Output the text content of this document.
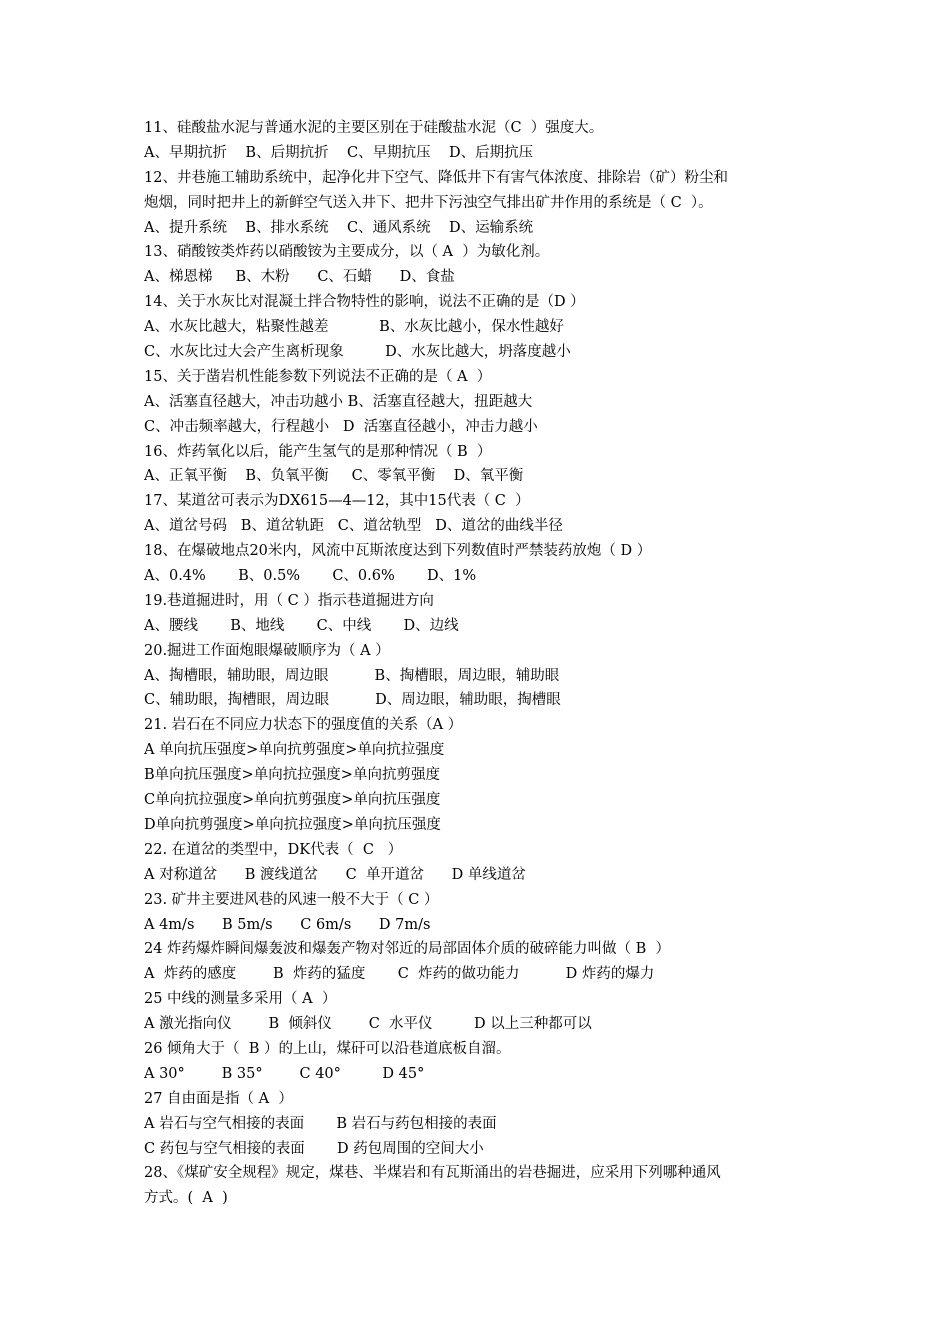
11、硅酸盐水泥与普通水泥的主要区别在于硅酸盐水泥（C  ）强度大。
A、早期抗折    B、后期抗折    C、早期抗压    D、后期抗压
12、井巷施工辅助系统中，起净化井下空气、降低井下有害气体浓度、排除岩（矿）粉尘和
炮烟，同时把井上的新鲜空气送入井下、把井下污浊空气排出矿井作用的系统是（ C  ）。
A、提升系统    B、排水系统    C、通风系统    D、运输系统
13、硝酸铵类炸药以硝酸铵为主要成分，以（ A  ）为敏化剂。
A、梯恩梯     B、木粉      C、石蜡      D、食盐
14、关于水灰比对混凝土拌合物特性的影响，说法不正确的是（D ）
A、水灰比越大，粘聚性越差           B、水灰比越小，保水性越好
C、水灰比过大会产生离析现象         D、水灰比越大，坍落度越小
15、关于凿岩机性能参数下列说法不正确的是（ A  ）
A、活塞直径越大，冲击功越小 B、活塞直径越大，扭距越大
C、冲击频率越大，行程越小   D  活塞直径越小，冲击力越小
16、炸药氧化以后，能产生氢气的是那种情况（ B  ）
A、正氧平衡    B、负氧平衡     C、零氧平衡    D、氧平衡
17、某道岔可表示为DX615—4—12，其中15代表（ C  ）
A、道岔号码   B、道岔轨距   C、道岔轨型   D、道岔的曲线半径
18、在爆破地点20米内，风流中瓦斯浓度达到下列数值时严禁装药放炮（ D ）
A、0.4%       B、0.5%       C、0.6%       D、1%
19.巷道掘进时，用（ C ）指示巷道掘进方向
A、腰线       B、地线       C、中线       D、边线
20.掘进工作面炮眼爆破顺序为（ A ）
A、掏槽眼，辅助眼，周边眼          B、掏槽眼，周边眼，辅助眼
C、辅助眼，掏槽眼，周边眼          D、周边眼，辅助眼，掏槽眼
21. 岩石在不同应力状态下的强度值的关系（A ）
A 单向抗压强度>单向抗剪强度>单向抗拉强度
B单向抗压强度>单向抗拉强度>单向抗剪强度
C单向抗拉强度>单向抗剪强度>单向抗压强度
D单向抗剪强度>单向抗拉强度>单向抗压强度
22. 在道岔的类型中，DK代表（  C   ）
A 对称道岔      B 渡线道岔      C  单开道岔      D 单线道岔
23. 矿井主要进风巷的风速一般不大于（ C ）
A 4m/s      B 5m/s      C 6m/s      D 7m/s
24 炸药爆炸瞬间爆轰波和爆轰产物对邻近的局部固体介质的破碎能力叫做（ B  ）
A  炸药的感度        B  炸药的猛度       C  炸药的做功能力          D 炸药的爆力
25 中线的测量多采用（ A  ）
A 激光指向仪        B  倾斜仪        C  水平仪         D 以上三种都可以
26 倾角大于（  B ）的上山，煤矸可以沿巷道底板自溜。
A 30°        B 35°        C 40°         D 45°
27 自由面是指（ A  ）
A 岩石与空气相接的表面       B 岩石与药包相接的表面
C 药包与空气相接的表面       D 药包周围的空间大小
28、《煤矿安全规程》规定，煤巷、半煤岩和有瓦斯涌出的岩巷掘进，应采用下列哪种通风
方式。(  A  )
